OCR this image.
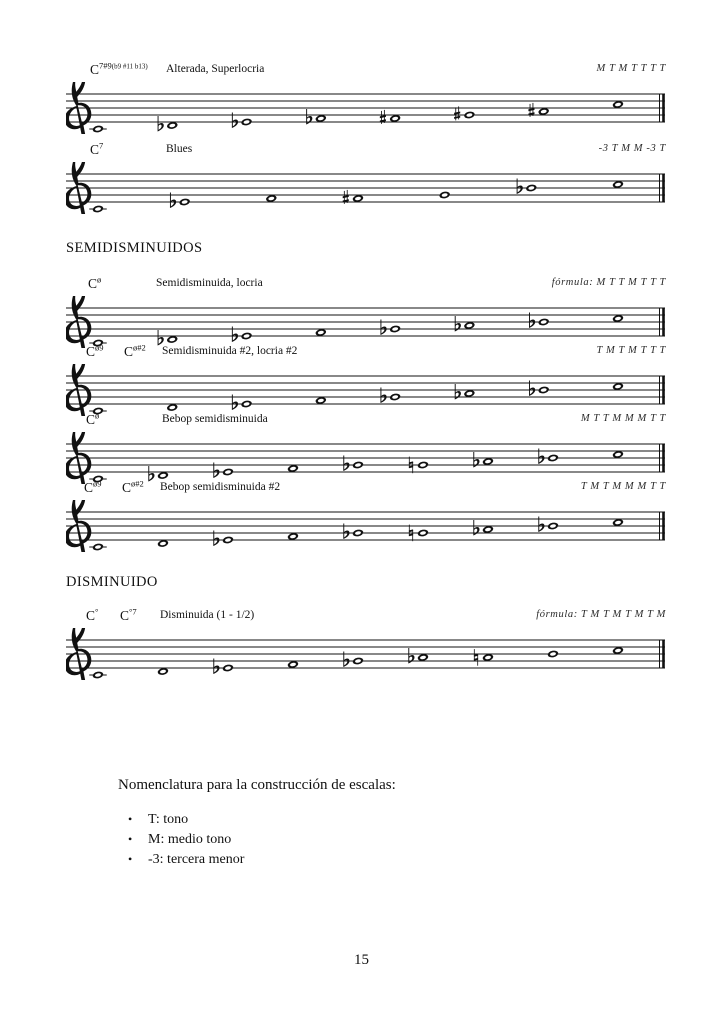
$C^{7\#9(b9 \#11 b13)}$ Alterada, Superlocria	M T M T T T T
$C^7$	Blues	-3 T M M -3 T
SEMIDISMINUIDOS
$C^ø$	Semidisminuida, locria	fórmula: M T T M T T T
$C^{ø9}$ $C^{ø\#2}$ Semidisminuida #2, locria #2	T M T M T T T
$C^ø$	Bebop semidisminuida	M T T M M M T T
$C^{ø9}$ $C^{ø\#2}$ Bebop semidisminuida #2	T M T M M M T T
DISMINUIDO
C° $C^{^\circ 7}$ Disminuida (1 - 1/2)	fórmula: T M T M T M T M
Nomenclatura para la construcción de escalas:
• T: tono
• M: medio tono
• -3: tercera menor
15
